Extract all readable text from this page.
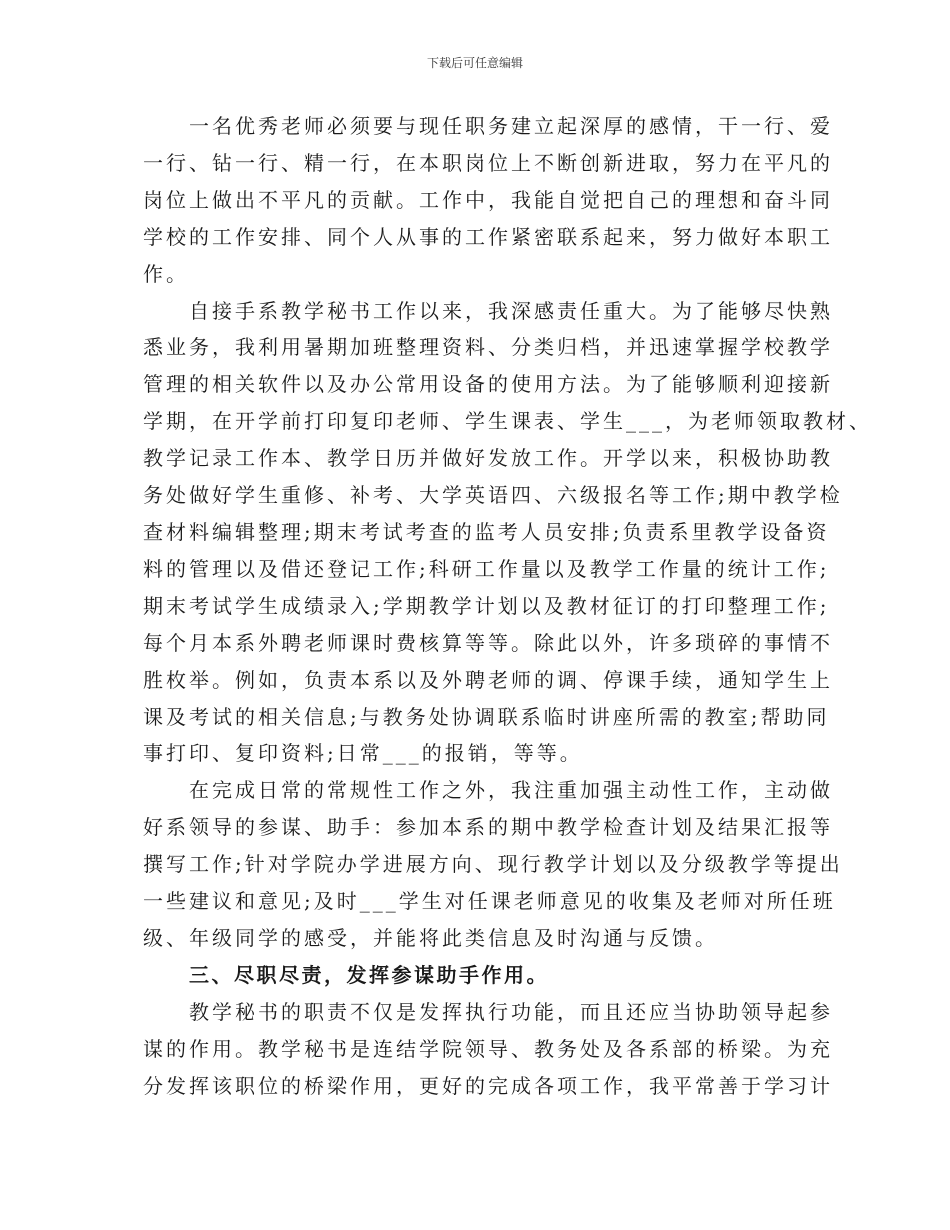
下载后可任意编辑

一名优秀老师必须要与现任职务建立起深厚的感情，干一行、爱
一行、钻一行、精一行，在本职岗位上不断创新进取，努力在平凡的
岗位上做出不平凡的贡献。工作中，我能自觉把自己的理想和奋斗同
学校的工作安排、同个人从事的工作紧密联系起来，努力做好本职工
作。

自接手系教学秘书工作以来，我深感责任重大。为了能够尽快熟
悉业务，我利用暑期加班整理资料、分类归档，并迅速掌握学校教学
管理的相关软件以及办公常用设备的使用方法。为了能够顺利迎接新
学期，在开学前打印复印老师、学生课表、学生___，为老师领取教材、
教学记录工作本、教学日历并做好发放工作。开学以来，积极协助教
务处做好学生重修、补考、大学英语四、六级报名等工作;期中教学检
查材料编辑整理;期末考试考查的监考人员安排;负责系里教学设备资
料的管理以及借还登记工作;科研工作量以及教学工作量的统计工作;
期末考试学生成绩录入;学期教学计划以及教材征订的打印整理工作;
每个月本系外聘老师课时费核算等等。除此以外，许多琐碎的事情不
胜枚举。例如，负责本系以及外聘老师的调、停课手续，通知学生上
课及考试的相关信息;与教务处协调联系临时讲座所需的教室;帮助同
事打印、复印资料;日常___的报销，等等。

在完成日常的常规性工作之外，我注重加强主动性工作，主动做
好系领导的参谋、助手：参加本系的期中教学检查计划及结果汇报等
撰写工作;针对学院办学进展方向、现行教学计划以及分级教学等提出
一些建议和意见;及时___学生对任课老师意见的收集及老师对所任班
级、年级同学的感受，并能将此类信息及时沟通与反馈。

三、尽职尽责，发挥参谋助手作用。

教学秘书的职责不仅是发挥执行功能，而且还应当协助领导起参
谋的作用。教学秘书是连结学院领导、教务处及各系部的桥梁。为充
分发挥该职位的桥梁作用，更好的完成各项工作，我平常善于学习计
